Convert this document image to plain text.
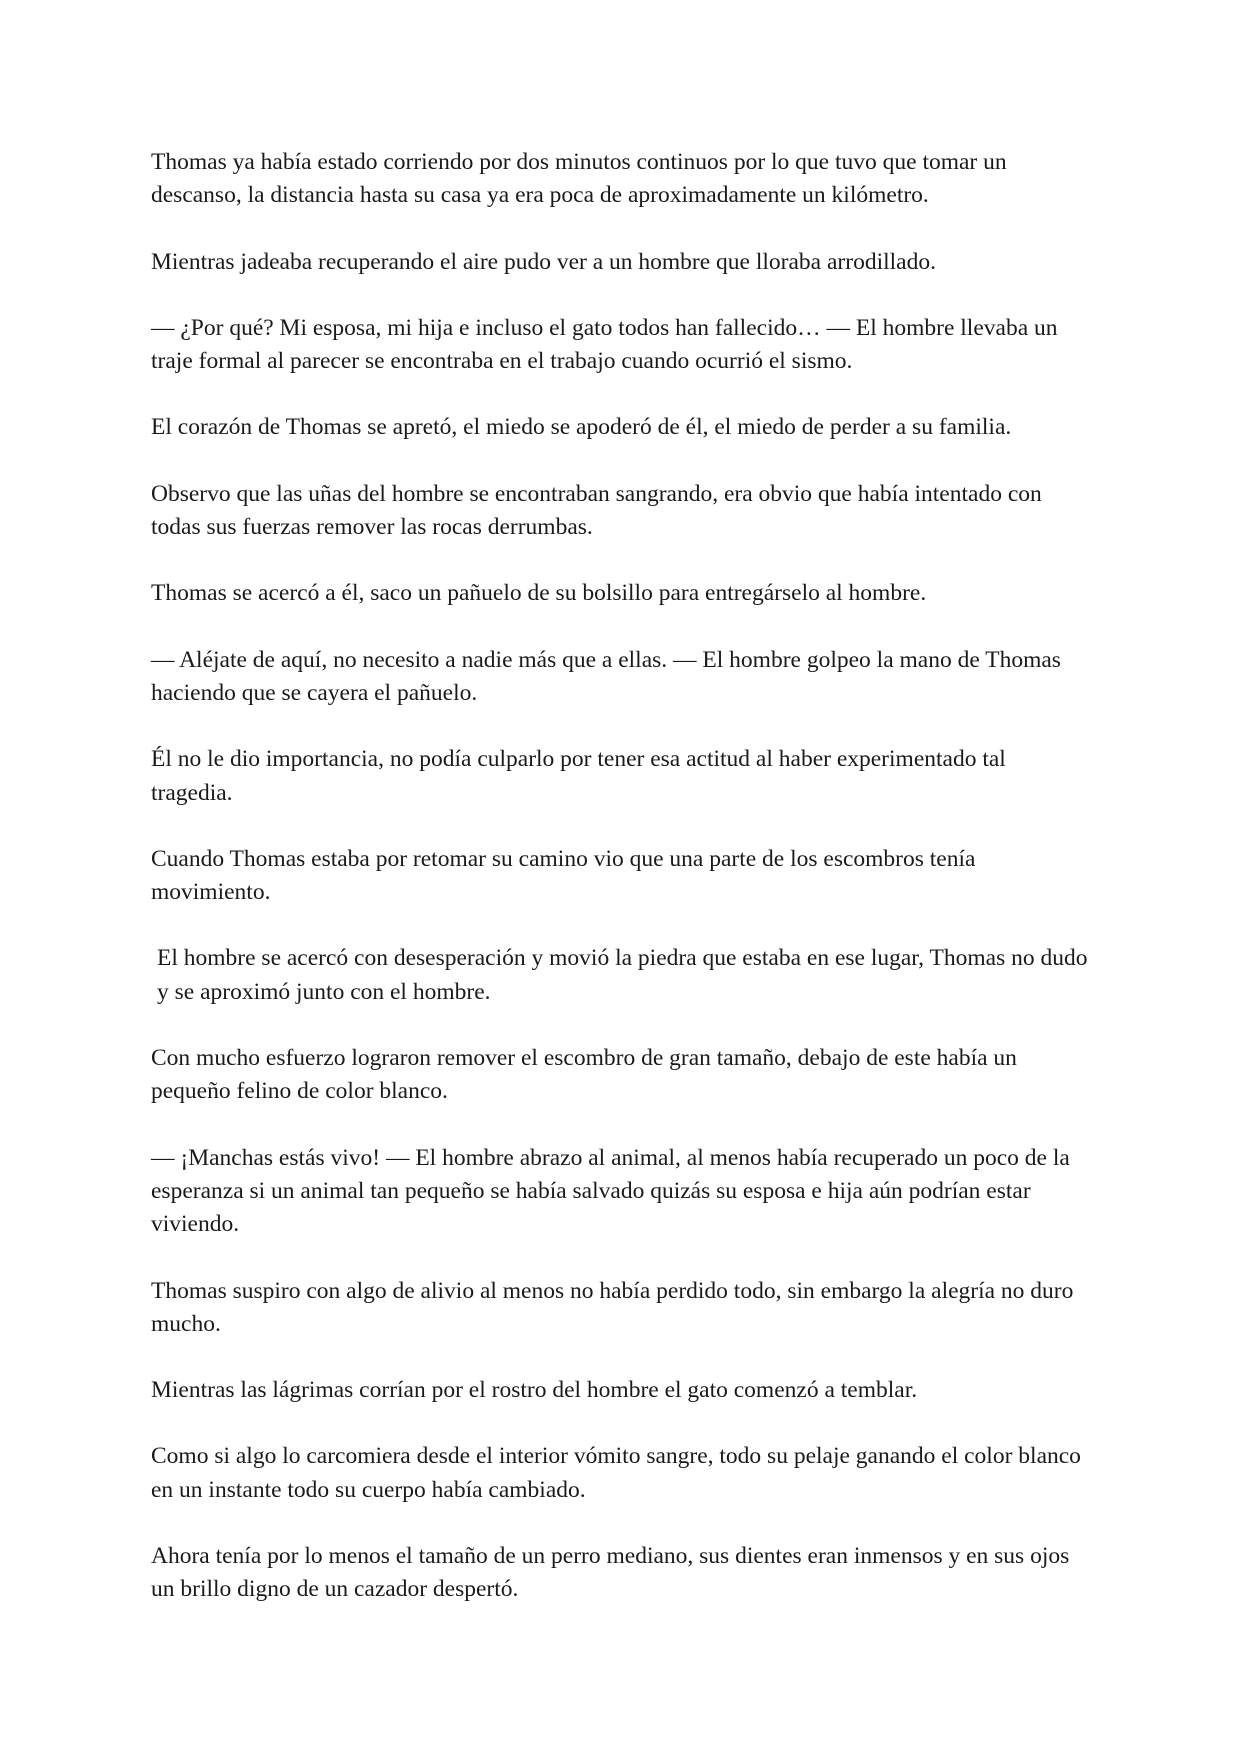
Thomas ya había estado corriendo por dos minutos continuos por lo que tuvo que tomar un descanso, la distancia hasta su casa ya era poca de aproximadamente un kilómetro.

Mientras jadeaba recuperando el aire pudo ver a un hombre que lloraba arrodillado.

— ¿Por qué? Mi esposa, mi hija e incluso el gato todos han fallecido… — El hombre llevaba un traje formal al parecer se encontraba en el trabajo cuando ocurrió el sismo.

El corazón de Thomas se apretó, el miedo se apoderó de él, el miedo de perder a su familia.

Observo que las uñas del hombre se encontraban sangrando, era obvio que había intentado con todas sus fuerzas remover las rocas derrumbas.

Thomas se acercó a él, saco un pañuelo de su bolsillo para entregárselo al hombre.

— Aléjate de aquí, no necesito a nadie más que a ellas. — El hombre golpeo la mano de Thomas haciendo que se cayera el pañuelo.

Él no le dio importancia, no podía culparlo por tener esa actitud al haber experimentado tal tragedia.

Cuando Thomas estaba por retomar su camino vio que una parte de los escombros tenía movimiento.

El hombre se acercó con desesperación y movió la piedra que estaba en ese lugar, Thomas no dudo y se aproximó junto con el hombre.

Con mucho esfuerzo lograron remover el escombro de gran tamaño, debajo de este había un pequeño felino de color blanco.

— ¡Manchas estás vivo! — El hombre abrazo al animal, al menos había recuperado un poco de la esperanza si un animal tan pequeño se había salvado quizás su esposa e hija aún podrían estar viviendo.

Thomas suspiro con algo de alivio al menos no había perdido todo, sin embargo la alegría no duro mucho.

Mientras las lágrimas corrían por el rostro del hombre el gato comenzó a temblar.

Como si algo lo carcomiera desde el interior vómito sangre, todo su pelaje ganando el color blanco en un instante todo su cuerpo había cambiado.

Ahora tenía por lo menos el tamaño de un perro mediano, sus dientes eran inmensos y en sus ojos un brillo digno de un cazador despertó.
